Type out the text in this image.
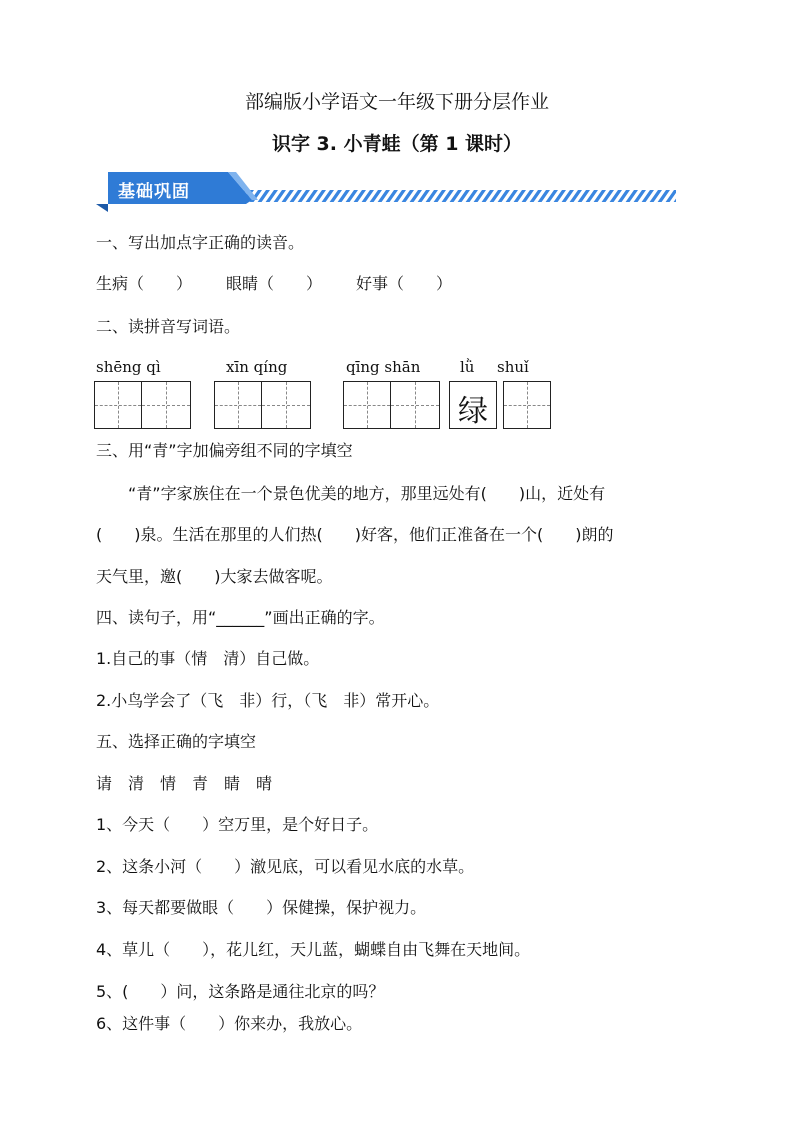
部编版小学语文一年级下册分层作业
识字 3. 小青蛙（第 1 课时）
基础巩固
一、写出加点字正确的读音。
生病（　　） 眼睛（　　） 好事（　　）
二、读拼音写词语。
shēng qì	xīn qíng	qīng shān	lǜ shuǐ
绿
三、用“青”字加偏旁组不同的字填空
“青”字家族住在一个景色优美的地方，那里远处有(　　)山，近处有
(　　)泉。生活在那里的人们热(　　)好客，他们正准备在一个(　　)朗的
天气里，邀(　　)大家去做客呢。
四、读句子，用“______”画出正确的字。
1.自己的事（情　清）自己做。
2.小鸟学会了（飞　非）行，（飞　非）常开心。
五、选择正确的字填空
请　清　情　青　睛　晴
1、今天（　　）空万里，是个好日子。
2、这条小河（　　）澈见底，可以看见水底的水草。
3、每天都要做眼（　　）保健操，保护视力。
4、草儿（　　），花儿红，天儿蓝，蝴蝶自由飞舞在天地间。
5、(　　）问，这条路是通往北京的吗？
6、这件事（　　）你来办，我放心。
